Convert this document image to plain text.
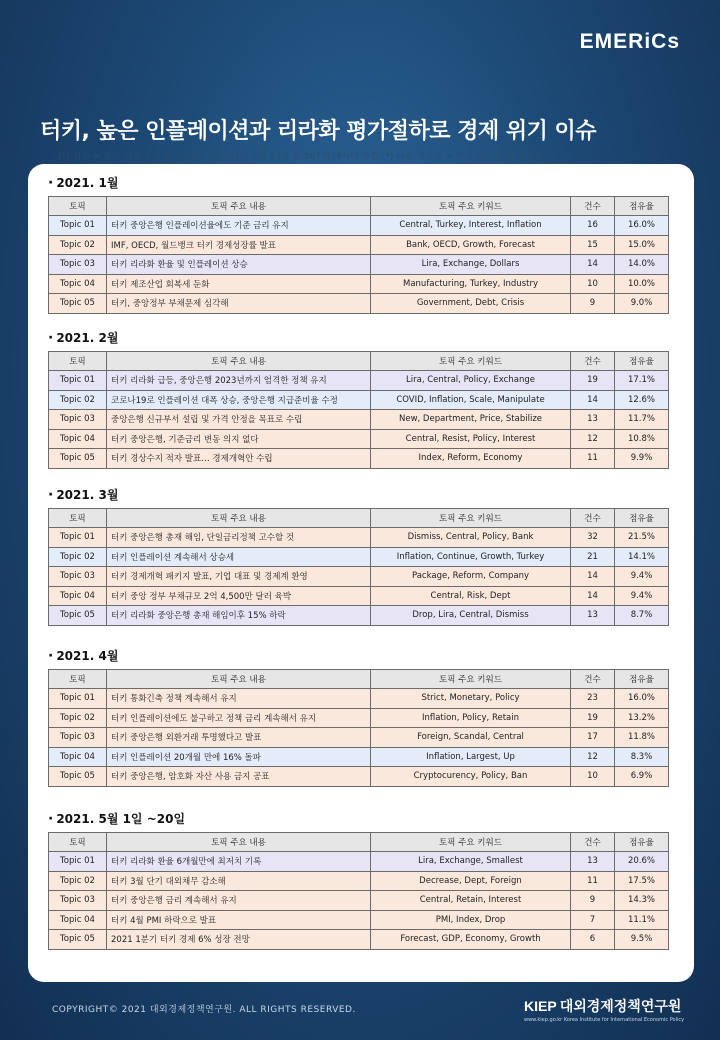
EMERiCs
터키, 높은 인플레이션과 리라화 평가절하로 경제 위기 이슈
(*) 건수 = 연관 이슈 발생 건수 21년 1월~21년 5월 20일 총 567건 데이터 수집 (*) 이슈 점유율 = 연관 이슈 발생 점유율
· 2021. 1월
토픽	토픽 주요 내용	토픽 주요 키워드	건수	점유율
Topic 01	터키 중앙은행 인플레이션율에도 기준 금리 유지	Central, Turkey, Interest, Inflation	16	16.0%
Topic 02	IMF, OECD, 월드뱅크 터키 경제성장률 발표	Bank, OECD, Growth, Forecast	15	15.0%
Topic 03	터키 리라화 환율 및 인플레이션 상승	Lira, Exchange, Dollars	14	14.0%
Topic 04	터키 제조산업 회복세 둔화	Manufacturing, Turkey, Industry	10	10.0%
Topic 05	터키, 중앙정부 부채문제 심각해	Government, Debt, Crisis	9	9.0%
· 2021. 2월
토픽	토픽 주요 내용	토픽 주요 키워드	건수	점유율
Topic 01	터키 리라화 급등, 중앙은행 2023년까지 엄격한 정책 유지	Lira, Central, Policy, Exchange	19	17.1%
Topic 02	코로나19로 인플레이션 대폭 상승, 중앙은행 지급준비율 수정	COVID, Inflation, Scale, Manipulate	14	12.6%
Topic 03	중앙은행 신규부서 설립 및 가격 안정을 목표로 수립	New, Department, Price, Stabilize	13	11.7%
Topic 04	터키 중앙은행, 기준금리 변동 의지 없다	Central, Resist, Policy, Interest	12	10.8%
Topic 05	터키 경상수지 적자 발표… 경제개혁안 수립	Index, Reform, Economy	11	9.9%
· 2021. 3월
토픽	토픽 주요 내용	토픽 주요 키워드	건수	점유율
Topic 01	터키 중앙은행 총재 해임, 단일금리정책 고수할 것	Dismiss, Central, Policy, Bank	32	21.5%
Topic 02	터키 인플레이션 계속해서 상승세	Inflation, Continue, Growth, Turkey	21	14.1%
Topic 03	터키 경제개혁 패키지 발표, 기업 대표 및 경제계 환영	Package, Reform, Company	14	9.4%
Topic 04	터키 중앙 정부 부채규모 2억 4,500만 달러 육박	Central, Risk, Dept	14	9.4%
Topic 05	터키 리라화 중앙은행 총재 해임이후 15% 하락	Drop, Lira, Central, Dismiss	13	8.7%
· 2021. 4월
토픽	토픽 주요 내용	토픽 주요 키워드	건수	점유율
Topic 01	터키 통화긴축 정책 계속해서 유지	Strict, Monetary, Policy	23	16.0%
Topic 02	터키 인플레이션에도 불구하고 정책 금리 계속해서 유지	Inflation, Policy, Retain	19	13.2%
Topic 03	터키 중앙은행 외환거래 투명했다고 발표	Foreign, Scandal, Central	17	11.8%
Topic 04	터키 인플레이션 20개월 만에 16% 돌파	Inflation, Largest, Up	12	8.3%
Topic 05	터키 중앙은행, 암호화 자산 사용 금지 공표	Cryptocurency, Policy, Ban	10	6.9%
· 2021. 5월 1일 ~20일
토픽	토픽 주요 내용	토픽 주요 키워드	건수	점유율
Topic 01	터키 리라화 환율 6개월만에 최저치 기록	Lira, Exchange, Smallest	13	20.6%
Topic 02	터키 3월 단기 대외채무 감소해	Decrease, Dept, Foreign	11	17.5%
Topic 03	터키 중앙은행 금리 계속해서 유지	Central, Retain, Interest	9	14.3%
Topic 04	터키 4월 PMI 하락으로 발표	PMI, Index, Drop	7	11.1%
Topic 05	2021 1분기 터키 경제 6% 성장 전망	Forecast, GDP, Economy, Growth	6	9.5%
COPYRIGHT© 2021 대외경제정책연구원. ALL RIGHTS RESERVED.	KIEP 대외경제정책연구원
www.kiep.go.kr Korea Institute for International Economic Policy
